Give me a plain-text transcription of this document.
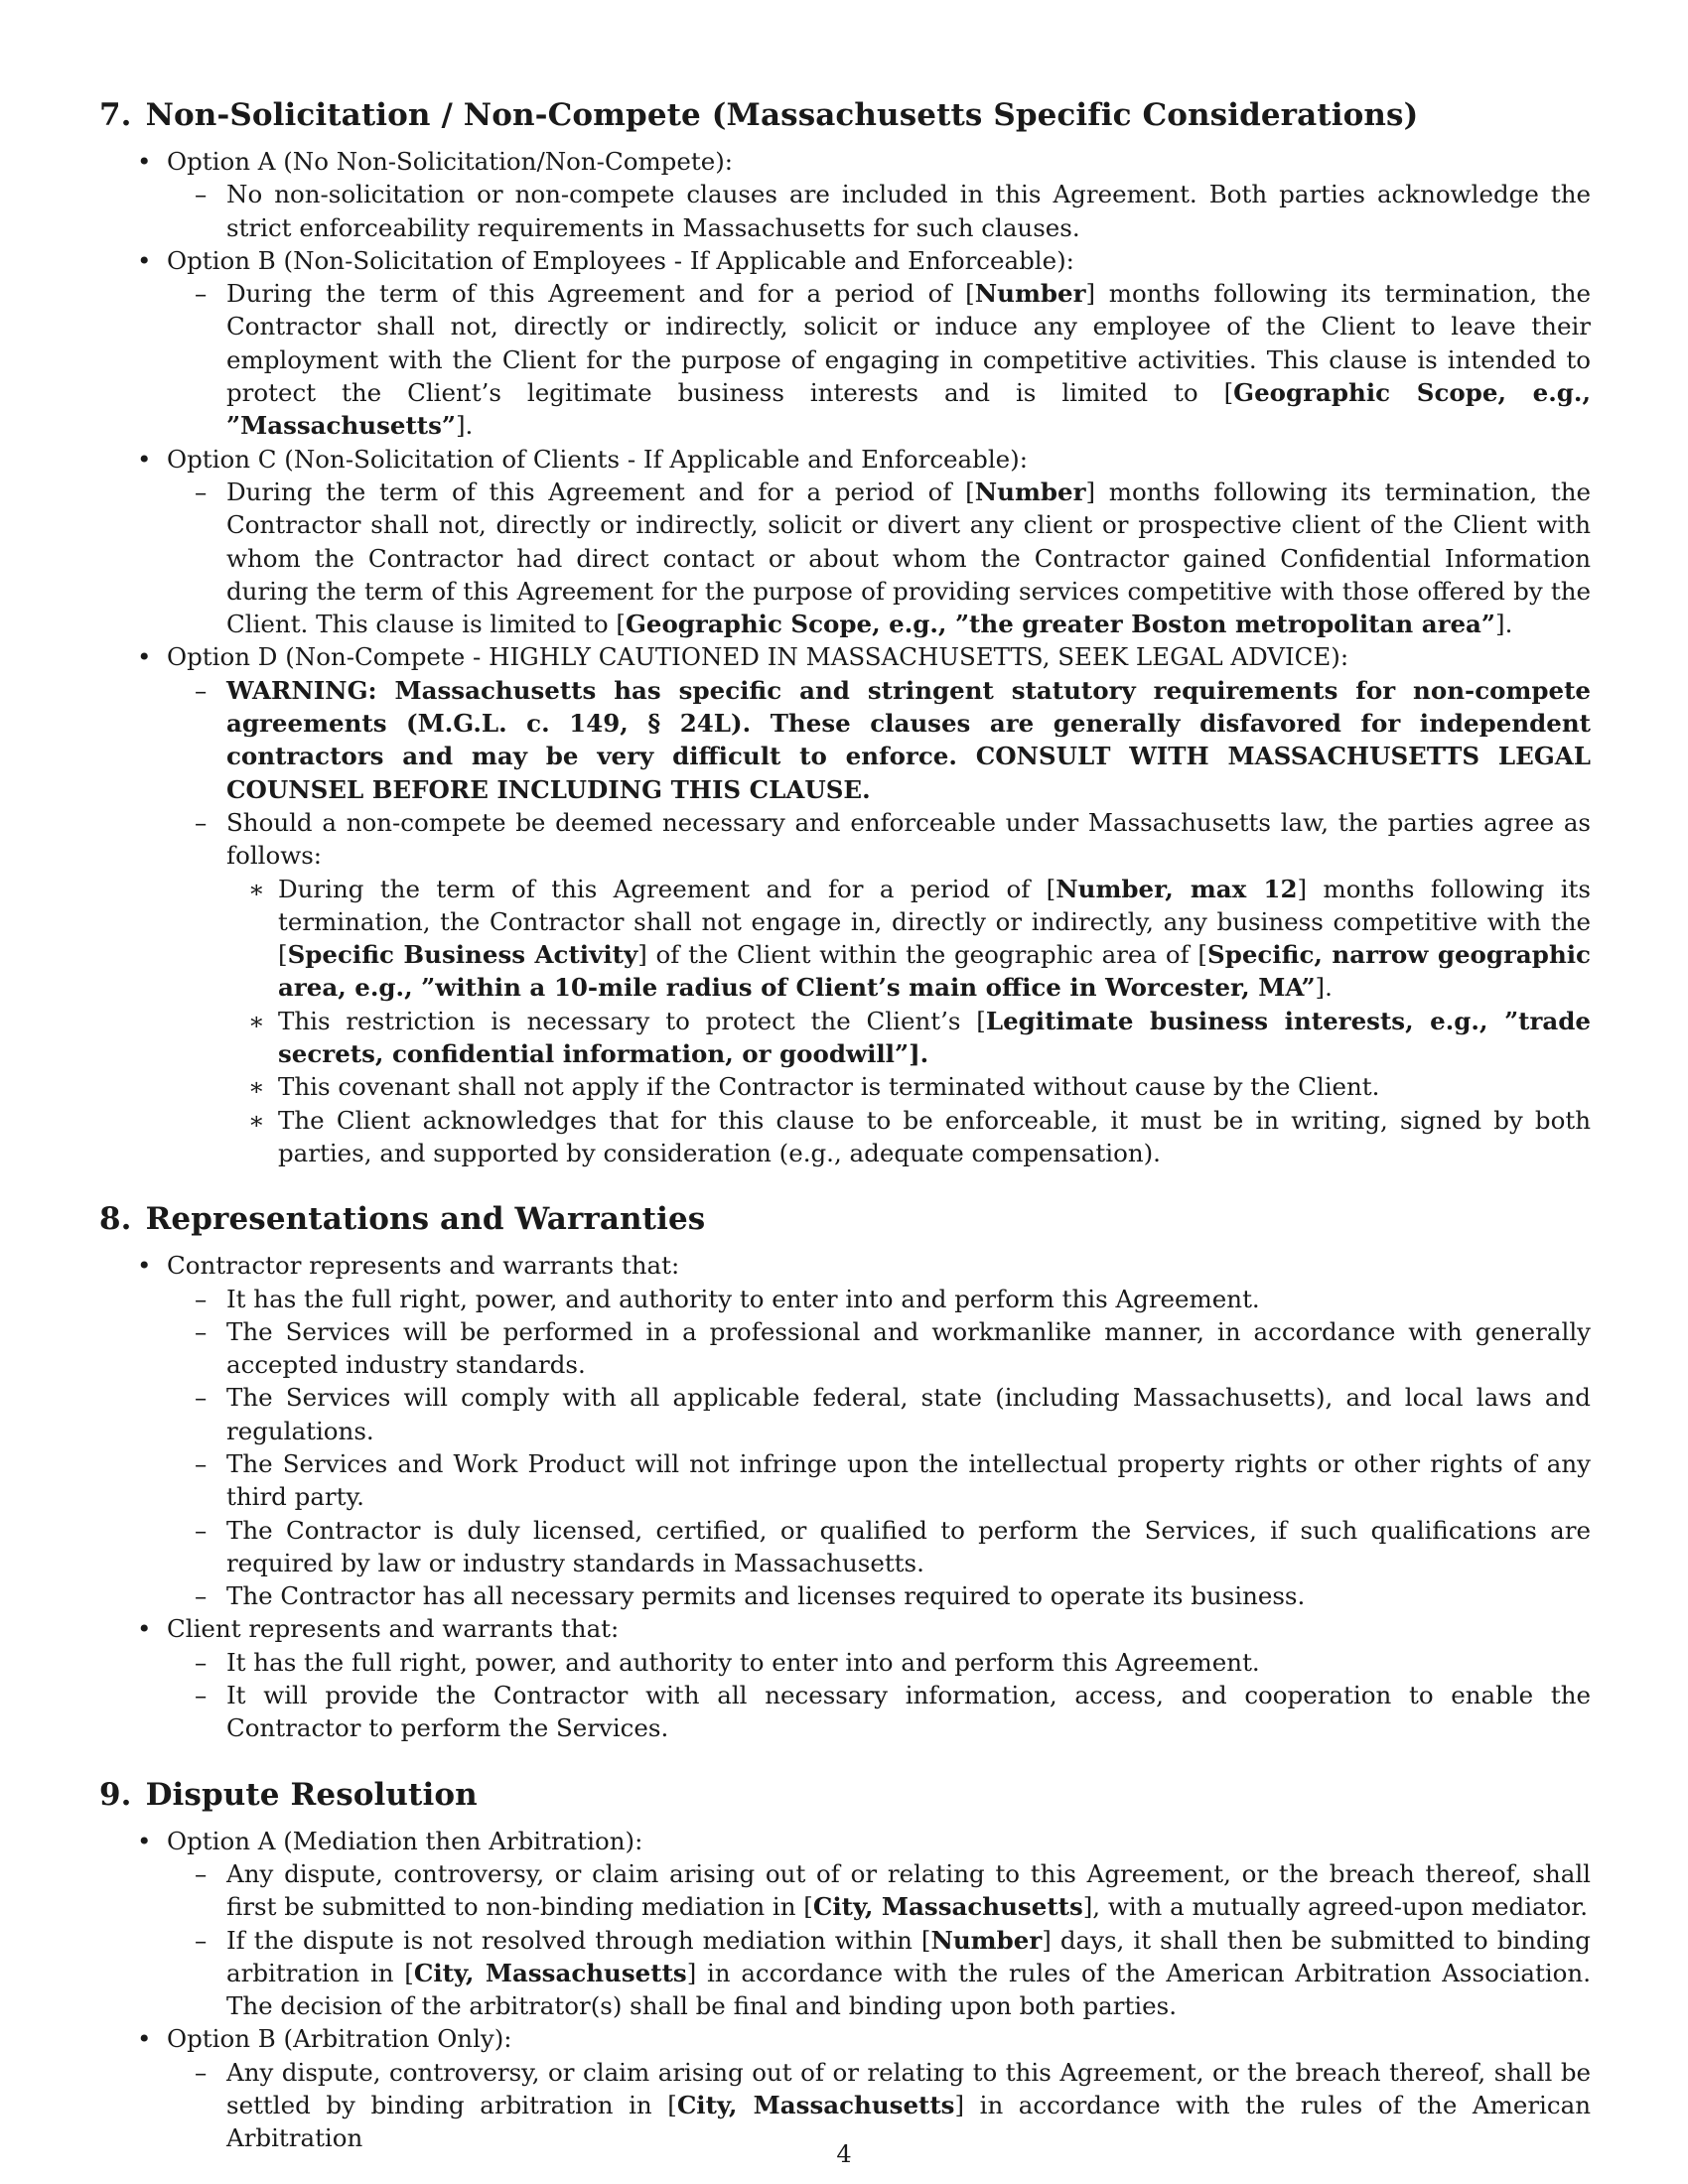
7. Non-Solicitation / Non-Compete (Massachusetts Specific Considerations)
• Option A (No Non-Solicitation/Non-Compete):
– No non-solicitation or non-compete clauses are included in this Agreement. Both parties acknowledge the strict enforceability requirements in Massachusetts for such clauses.
• Option B (Non-Solicitation of Employees - If Applicable and Enforceable):
– During the term of this Agreement and for a period of [Number] months following its termination, the Contractor shall not, directly or indirectly, solicit or induce any employee of the Client to leave their employment with the Client for the purpose of engaging in competitive activities. This clause is intended to protect the Client’s legitimate business interests and is limited to [Geographic Scope, e.g., ”Massachusetts”].
• Option C (Non-Solicitation of Clients - If Applicable and Enforceable):
– During the term of this Agreement and for a period of [Number] months following its termination, the Contractor shall not, directly or indirectly, solicit or divert any client or prospective client of the Client with whom the Contractor had direct contact or about whom the Contractor gained Confidential Information during the term of this Agreement for the purpose of providing services competitive with those offered by the Client. This clause is limited to [Geographic Scope, e.g., ”the greater Boston metropolitan area”].
• Option D (Non-Compete - HIGHLY CAUTIONED IN MASSACHUSETTS, SEEK LEGAL ADVICE):
– WARNING: Massachusetts has specific and stringent statutory requirements for non-compete agreements (M.G.L. c. 149, § 24L). These clauses are generally disfavored for independent contractors and may be very difficult to enforce. CONSULT WITH MASSACHUSETTS LEGAL COUNSEL BEFORE INCLUDING THIS CLAUSE.
– Should a non-compete be deemed necessary and enforceable under Massachusetts law, the parties agree as follows:
∗ During the term of this Agreement and for a period of [Number, max 12] months following its termination, the Contractor shall not engage in, directly or indirectly, any business competitive with the [Specific Business Activity] of the Client within the geographic area of [Specific, narrow geographic area, e.g., ”within a 10-mile radius of Client’s main office in Worcester, MA”].
∗ This restriction is necessary to protect the Client’s [Legitimate business interests, e.g., ”trade secrets, confidential information, or goodwill”].
∗ This covenant shall not apply if the Contractor is terminated without cause by the Client.
∗ The Client acknowledges that for this clause to be enforceable, it must be in writing, signed by both parties, and supported by consideration (e.g., adequate compensation).
8. Representations and Warranties
• Contractor represents and warrants that:
– It has the full right, power, and authority to enter into and perform this Agreement.
– The Services will be performed in a professional and workmanlike manner, in accordance with generally accepted industry standards.
– The Services will comply with all applicable federal, state (including Massachusetts), and local laws and regulations.
– The Services and Work Product will not infringe upon the intellectual property rights or other rights of any third party.
– The Contractor is duly licensed, certified, or qualified to perform the Services, if such qualifications are required by law or industry standards in Massachusetts.
– The Contractor has all necessary permits and licenses required to operate its business.
• Client represents and warrants that:
– It has the full right, power, and authority to enter into and perform this Agreement.
– It will provide the Contractor with all necessary information, access, and cooperation to enable the Contractor to perform the Services.
9. Dispute Resolution
• Option A (Mediation then Arbitration):
– Any dispute, controversy, or claim arising out of or relating to this Agreement, or the breach thereof, shall first be submitted to non-binding mediation in [City, Massachusetts], with a mutually agreed-upon mediator.
– If the dispute is not resolved through mediation within [Number] days, it shall then be submitted to binding arbitration in [City, Massachusetts] in accordance with the rules of the American Arbitration Association. The decision of the arbitrator(s) shall be final and binding upon both parties.
• Option B (Arbitration Only):
– Any dispute, controversy, or claim arising out of or relating to this Agreement, or the breach thereof, shall be settled by binding arbitration in [City, Massachusetts] in accordance with the rules of the American Arbitration
4
